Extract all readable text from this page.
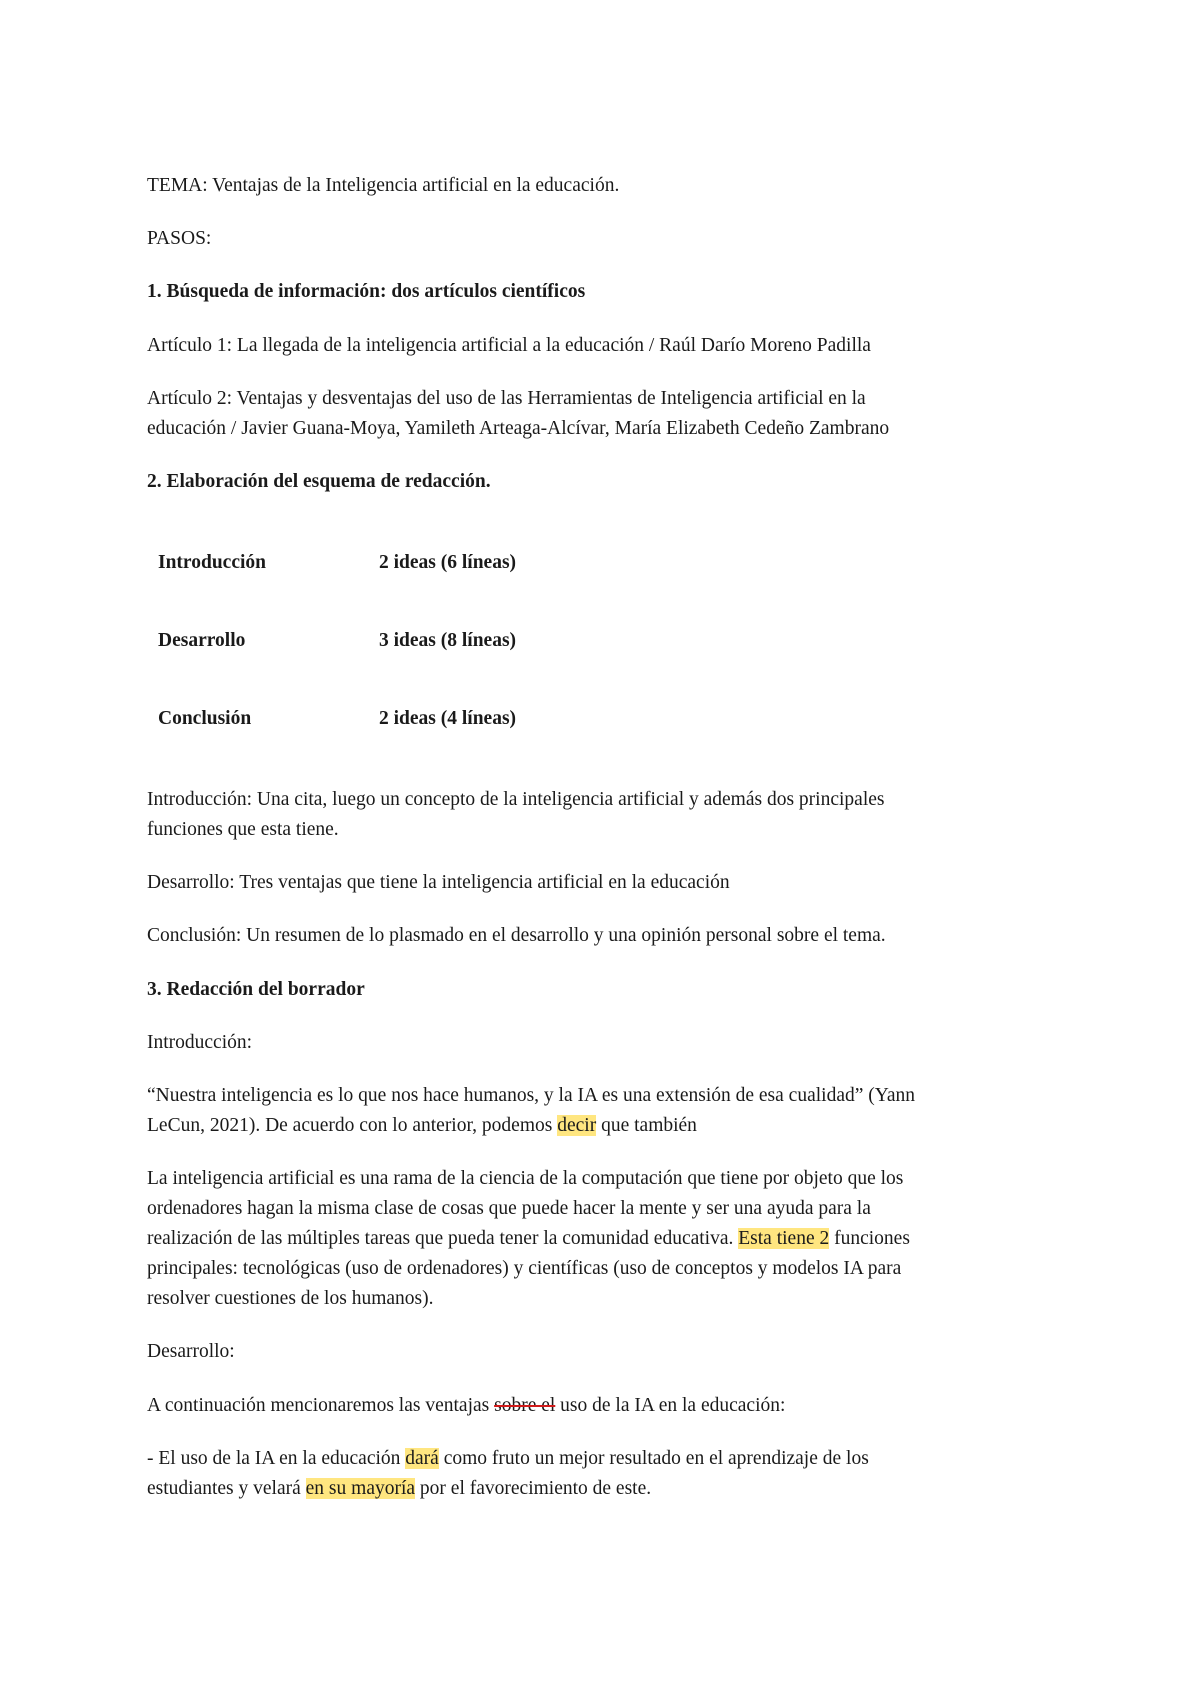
TEMA: Ventajas de la Inteligencia artificial en la educación.

PASOS:

1. Búsqueda de información: dos artículos científicos

Artículo 1: La llegada de la inteligencia artificial a la educación / Raúl Darío Moreno Padilla

Artículo 2: Ventajas y desventajas del uso de las Herramientas de Inteligencia artificial en la

educación / Javier Guana-Moya, Yamileth Arteaga-Alcívar, María Elizabeth Cedeño Zambrano

2. Elaboración del esquema de redacción.

Introducción	2 ideas (6 líneas)
Desarrollo	3 ideas (8 líneas)
Conclusión	2 ideas (4 líneas)

Introducción: Una cita, luego un concepto de la inteligencia artificial y además dos principales

funciones que esta tiene.

Desarrollo: Tres ventajas que tiene la inteligencia artificial en la educación

Conclusión: Un resumen de lo plasmado en el desarrollo y una opinión personal sobre el tema.

3. Redacción del borrador

Introducción:

“Nuestra inteligencia es lo que nos hace humanos, y la IA es una extensión de esa cualidad” (Yann

LeCun, 2021). De acuerdo con lo anterior, podemos decir que también

La inteligencia artificial es una rama de la ciencia de la computación que tiene por objeto que los

ordenadores hagan la misma clase de cosas que puede hacer la mente y ser una ayuda para la

realización de las múltiples tareas que pueda tener la comunidad educativa. Esta tiene 2 funciones

principales: tecnológicas (uso de ordenadores) y científicas (uso de conceptos y modelos IA para

resolver cuestiones de los humanos).

Desarrollo:

A continuación mencionaremos las ventajas sobre el uso de la IA en la educación:

- El uso de la IA en la educación dará como fruto un mejor resultado en el aprendizaje de los

estudiantes y velará en su mayoría por el favorecimiento de este.
